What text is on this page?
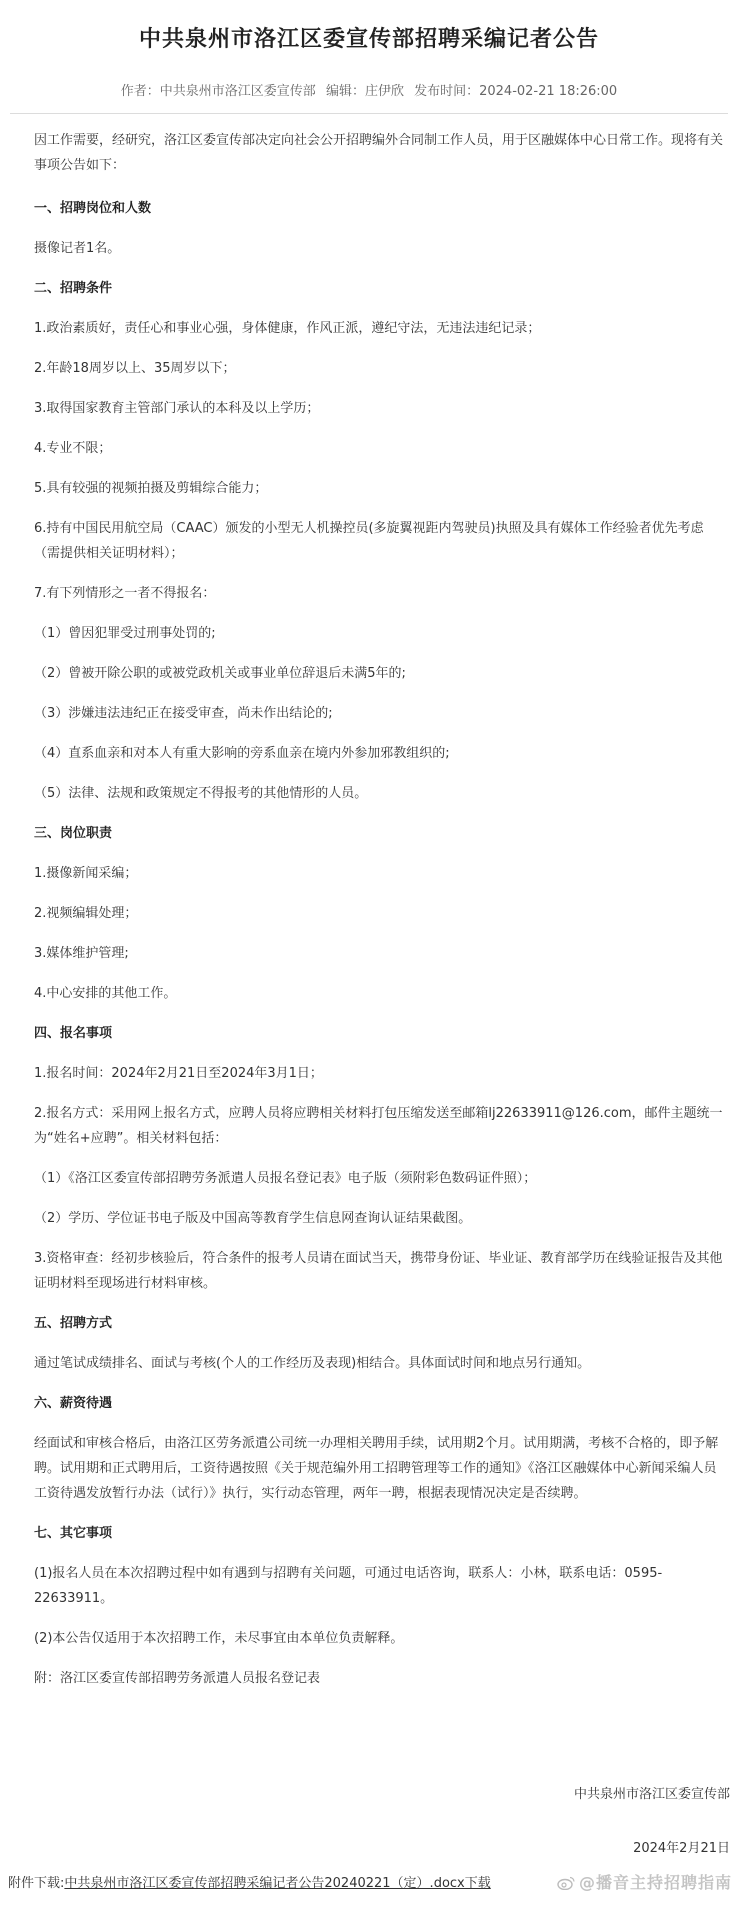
中共泉州市洛江区委宣传部招聘采编记者公告
作者：中共泉州市洛江区委宣传部 编辑：庄伊欣 发布时间：2024-02-21 18:26:00

因工作需要，经研究，洛江区委宣传部决定向社会公开招聘编外合同制工作人员，用于区融媒体中心日常工作。现将有关事项公告如下：

一、招聘岗位和人数

摄像记者1名。

二、招聘条件

1.政治素质好，责任心和事业心强，身体健康，作风正派，遵纪守法，无违法违纪记录；

2.年龄18周岁以上、35周岁以下；

3.取得国家教育主管部门承认的本科及以上学历；

4.专业不限；

5.具有较强的视频拍摄及剪辑综合能力；

6.持有中国民用航空局（CAAC）颁发的小型无人机操控员(多旋翼视距内驾驶员)执照及具有媒体工作经验者优先考虑（需提供相关证明材料）；

7.有下列情形之一者不得报名：

（1）曾因犯罪受过刑事处罚的;

（2）曾被开除公职的或被党政机关或事业单位辞退后未满5年的;

（3）涉嫌违法违纪正在接受审查，尚未作出结论的;

（4）直系血亲和对本人有重大影响的旁系血亲在境内外参加邪教组织的;

（5）法律、法规和政策规定不得报考的其他情形的人员。

三、岗位职责

1.摄像新闻采编；

2.视频编辑处理；

3.媒体维护管理;

4.中心安排的其他工作。

四、报名事项

1.报名时间：2024年2月21日至2024年3月1日；

2.报名方式：采用网上报名方式，应聘人员将应聘相关材料打包压缩发送至邮箱lj22633911@126.com，邮件主题统一为“姓名+应聘”。相关材料包括：

（1）《洛江区委宣传部招聘劳务派遣人员报名登记表》电子版（须附彩色数码证件照）；

（2）学历、学位证书电子版及中国高等教育学生信息网查询认证结果截图。

3.资格审查：经初步核验后，符合条件的报考人员请在面试当天，携带身份证、毕业证、教育部学历在线验证报告及其他证明材料至现场进行材料审核。

五、招聘方式

通过笔试成绩排名、面试与考核(个人的工作经历及表现)相结合。具体面试时间和地点另行通知。

六、薪资待遇

经面试和审核合格后，由洛江区劳务派遣公司统一办理相关聘用手续，试用期2个月。试用期满，考核不合格的，即予解聘。试用期和正式聘用后，工资待遇按照《关于规范编外用工招聘管理等工作的通知》《洛江区融媒体中心新闻采编人员工资待遇发放暂行办法（试行）》执行，实行动态管理，两年一聘，根据表现情况决定是否续聘。

七、其它事项

(1)报名人员在本次招聘过程中如有遇到与招聘有关问题，可通过电话咨询，联系人：小林，联系电话：0595-22633911。

(2)本公告仅适用于本次招聘工作，未尽事宜由本单位负责解释。

附：洛江区委宣传部招聘劳务派遣人员报名登记表

中共泉州市洛江区委宣传部
2024年2月21日
附件下载:中共泉州市洛江区委宣传部招聘采编记者公告20240221（定）.docx下载	@播音主持招聘指南
